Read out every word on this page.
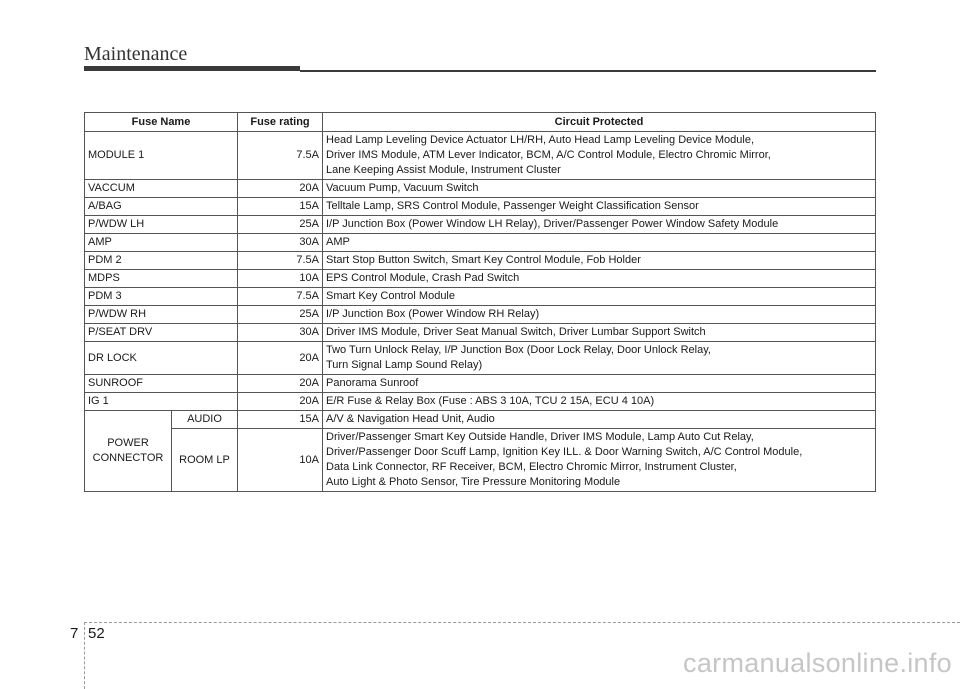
Maintenance
Fuse Name		Fuse rating	Circuit Protected
MODULE 1		7.5A	Head Lamp Leveling Device Actuator LH/RH, Auto Head Lamp Leveling Device Module,
Driver IMS Module, ATM Lever Indicator, BCM, A/C Control Module, Electro Chromic Mirror,
Lane Keeping Assist Module, Instrument Cluster
VACCUM		20A	Vacuum Pump, Vacuum Switch
A/BAG		15A	Telltale Lamp, SRS Control Module, Passenger Weight Classification Sensor
P/WDW LH		25A	I/P Junction Box (Power Window LH Relay), Driver/Passenger Power Window Safety Module
AMP		30A	AMP
PDM 2		7.5A	Start Stop Button Switch, Smart Key Control Module, Fob Holder
MDPS		10A	EPS Control Module, Crash Pad Switch
PDM 3		7.5A	Smart Key Control Module
P/WDW RH		25A	I/P Junction Box (Power Window RH Relay)
P/SEAT DRV		30A	Driver IMS Module, Driver Seat Manual Switch, Driver Lumbar Support Switch
DR LOCK		20A	Two Turn Unlock Relay, I/P Junction Box (Door Lock Relay, Door Unlock Relay,
Turn Signal Lamp Sound Relay)
SUNROOF		20A	Panorama Sunroof
IG 1		20A	E/R Fuse & Relay Box (Fuse : ABS 3 10A, TCU 2 15A, ECU 4 10A)
POWER
CONNECTOR	AUDIO	15A	A/V & Navigation Head Unit, Audio
	ROOM LP	10A	Driver/Passenger Smart Key Outside Handle, Driver IMS Module, Lamp Auto Cut Relay,
Driver/Passenger Door Scuff Lamp, Ignition Key ILL. & Door Warning Switch, A/C Control Module,
Data Link Connector, RF Receiver, BCM, Electro Chromic Mirror, Instrument Cluster,
Auto Light & Photo Sensor, Tire Pressure Monitoring Module
7 52
carmanualsonline.info
